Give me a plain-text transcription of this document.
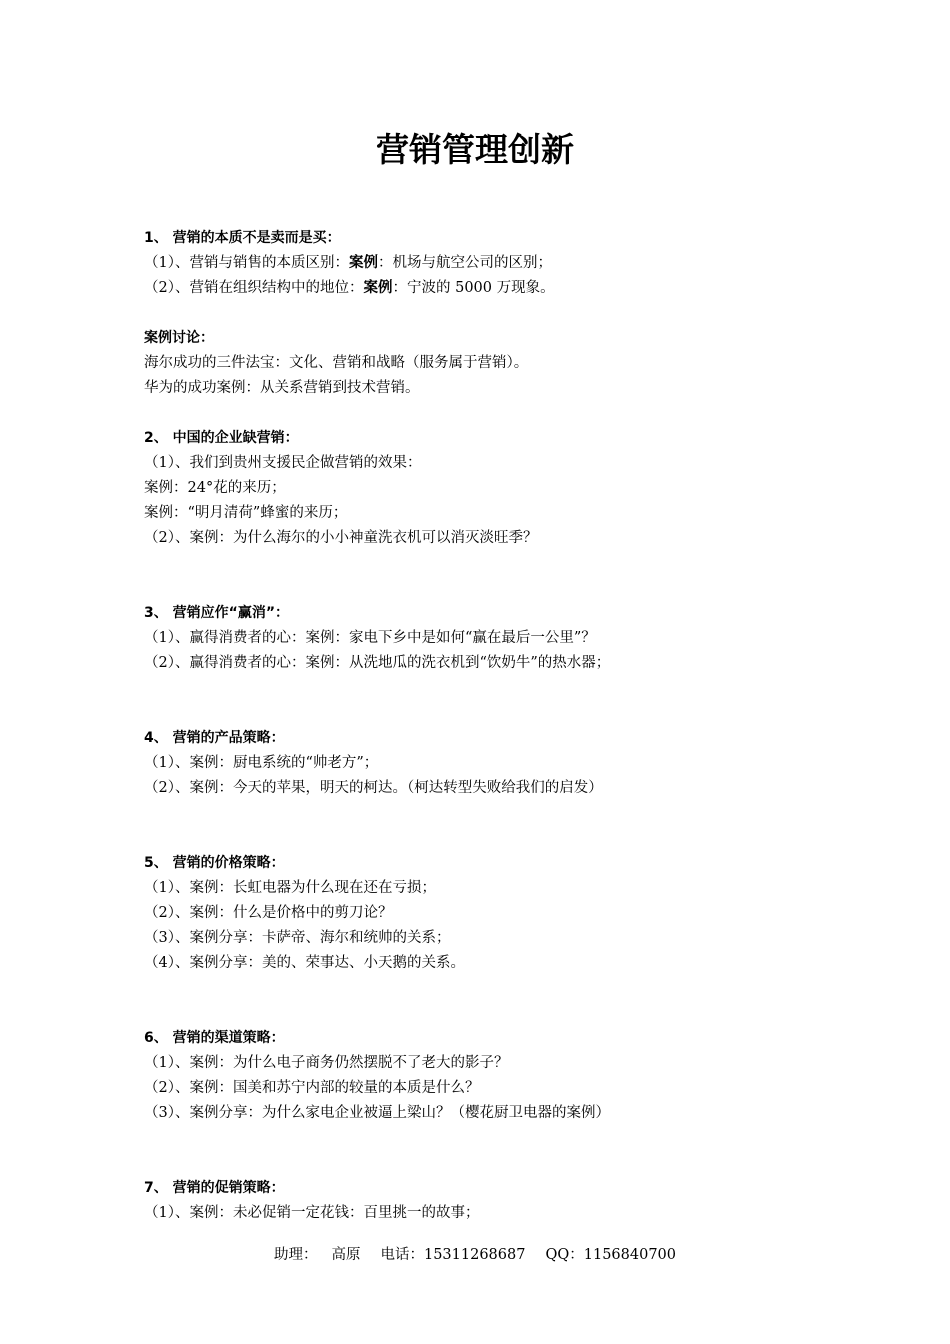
营销管理创新
1、 营销的本质不是卖而是买：
（1）、营销与销售的本质区别：案例：机场与航空公司的区别；
（2）、营销在组织结构中的地位：案例：宁波的 5000 万现象。
案例讨论：
海尔成功的三件法宝：文化、营销和战略（服务属于营销）。
华为的成功案例：从关系营销到技术营销。
2、 中国的企业缺营销：
（1）、我们到贵州支援民企做营销的效果：
案例：24°花的来历；
案例：“明月清荷”蜂蜜的来历；
（2）、案例：为什么海尔的小小神童洗衣机可以消灭淡旺季？
3、 营销应作“赢消”：
（1）、赢得消费者的心：案例：家电下乡中是如何“赢在最后一公里”？
（2）、赢得消费者的心：案例：从洗地瓜的洗衣机到“饮奶牛”的热水器；
4、 营销的产品策略：
（1）、案例：厨电系统的“帅老方”；
（2）、案例：今天的苹果，明天的柯达。（柯达转型失败给我们的启发）
5、 营销的价格策略：
（1）、案例：长虹电器为什么现在还在亏损；
（2）、案例：什么是价格中的剪刀论？
（3）、案例分享：卡萨帝、海尔和统帅的关系；
（4）、案例分享：美的、荣事达、小天鹅的关系。
6、 营销的渠道策略：
（1）、案例：为什么电子商务仍然摆脱不了老大的影子？
（2）、案例：国美和苏宁内部的较量的本质是什么？
（3）、案例分享：为什么家电企业被逼上梁山？（樱花厨卫电器的案例）
7、 营销的促销策略：
（1）、案例：未必促销一定花钱：百里挑一的故事；
助理： 高原 电话：15311268687 QQ：1156840700
